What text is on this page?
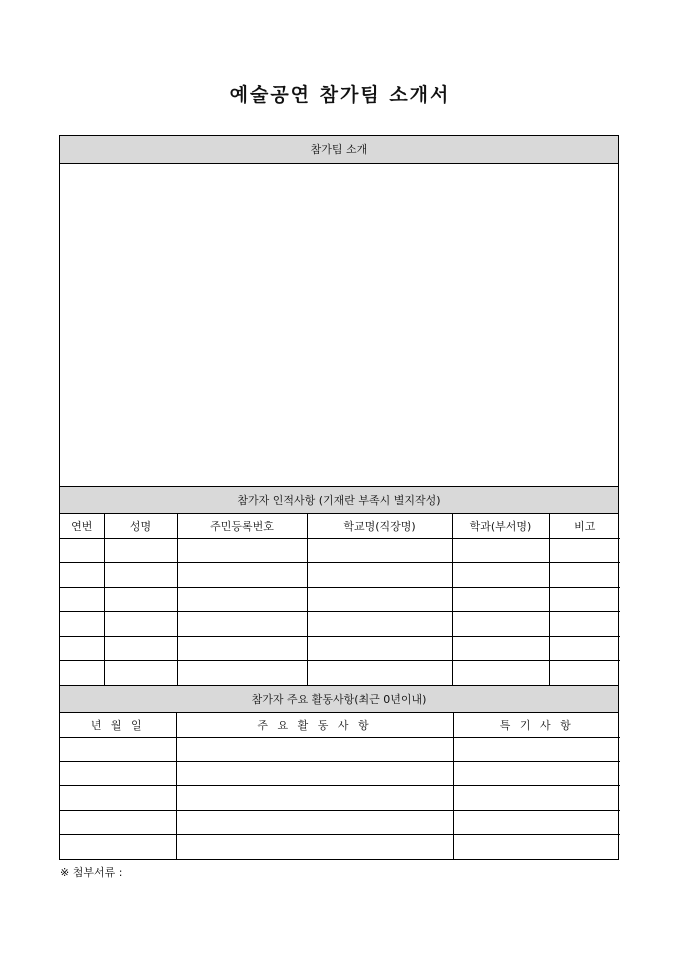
예술공연 참가팀 소개서
참가팀 소개
참가자 인적사항 (기재란 부족시 별지작성)
연번	성명	주민등록번호	학교명(직장명)	학과(부서명)	비고

참가자 주요 활동사항(최근 0년이내)
년 월 일	주 요 활 동 사 항	특 기 사 항

※ 첨부서류 :
